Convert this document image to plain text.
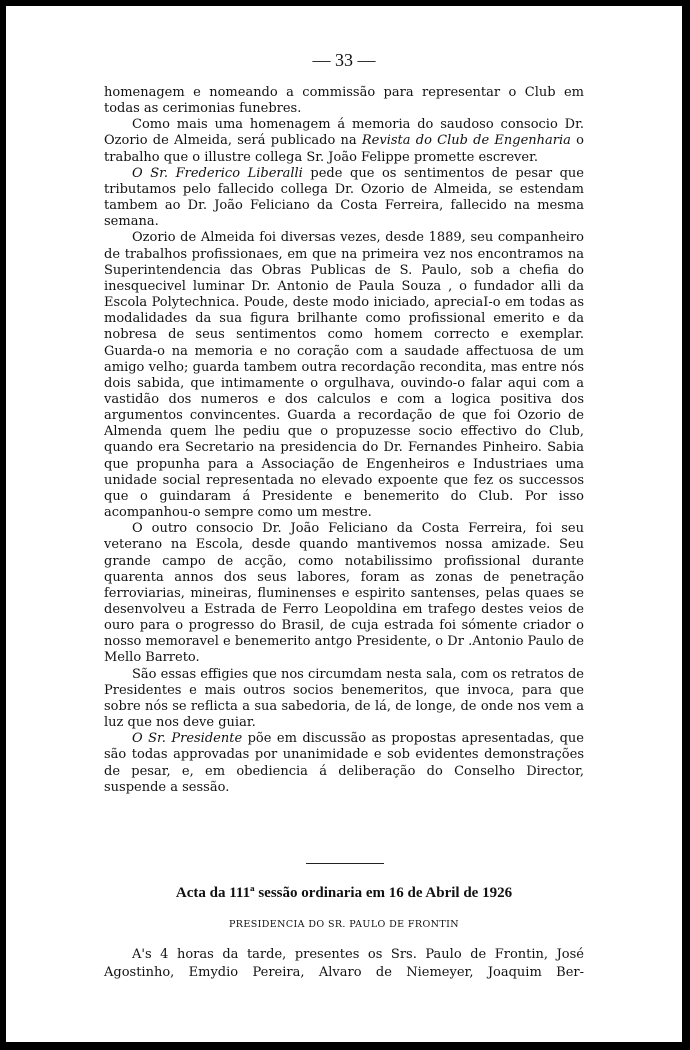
— 33 —

homenagem e nomeando a commissão para representar o Club em todas as cerimonias funebres.

Como mais uma homenagem á memoria do saudoso consocio Dr. Ozorio de Almeida, será publicado na Revista do Club de Engenharia o trabalho que o illustre collega Sr. João Felippe promette escrever.

O Sr. Frederico Liberalli pede que os sentimentos de pesar que tributamos pelo fallecido collega Dr. Ozorio de Almeida, se estendam tambem ao Dr. João Feliciano da Costa Ferreira, fallecido na mesma semana.

Ozorio de Almeida foi diversas vezes, desde 1889, seu companheiro de trabalhos profissionaes, em que na primeira vez nos encontramos na Superintendencia das Obras Publicas de S. Paulo, sob a chefia do inesquecivel luminar Dr. Antonio de Paula Souza , o fundador alli da Escola Polytechnica. Poude, deste modo iniciado, apreciaI-o em todas as modalidades da sua figura brilhante como profissional emerito e da nobresa de seus sentimentos como homem correcto e exemplar. Guarda-o na memoria e no coração com a saudade affectuosa de um amigo velho; guarda tambem outra recordação recondita, mas entre nós dois sabida, que intimamente o orgulhava, ouvindo-o falar aqui com a vastidão dos numeros e dos calculos e com a logica positiva dos argumentos convincentes. Guarda a recordação de que foi Ozorio de Almenda quem lhe pediu que o propuzesse socio effectivo do Club, quando era Secretario na presidencia do Dr. Fernandes Pinheiro. Sabia que propunha para a Associação de Engenheiros e Industriaes uma unidade social representada no elevado expoente que fez os successos que o guindaram á Presidente e benemerito do Club. Por isso acompanhou-o sempre como um mestre.

O outro consocio Dr. João Feliciano da Costa Ferreira, foi seu veterano na Escola, desde quando mantivemos nossa amizade. Seu grande campo de acção, como notabilissimo profissional durante quarenta annos dos seus labores, foram as zonas de penetração ferroviarias, mineiras, fluminenses e espirito santenses, pelas quaes se desenvolveu a Estrada de Ferro Leopoldina em trafego destes veios de ouro para o progresso do Brasil, de cuja estrada foi sómente criador o nosso memoravel e benemerito antgo Presidente, o Dr .Antonio Paulo de Mello Barreto.

São essas effigies que nos circumdam nesta sala, com os retratos de Presidentes e mais outros socios benemeritos, que invoca, para que sobre nós se reflicta a sua sabedoria, de lá, de longe, de onde nos vem a luz que nos deve guiar.

O Sr. Presidente põe em discussão as propostas apresentadas, que são todas approvadas por unanimidade e sob evidentes demonstrações de pesar, e, em obediencia á deliberação do Conselho Director, suspende a sessão.

Acta da 111ª sessão ordinaria em 16 de Abril de 1926
PRESIDENCIA DO SR. PAULO DE FRONTIN

A's 4 horas da tarde, presentes os Srs. Paulo de Frontin, José Agostinho, Emydio Pereira, Alvaro de Niemeyer, Joaquim Ber-
